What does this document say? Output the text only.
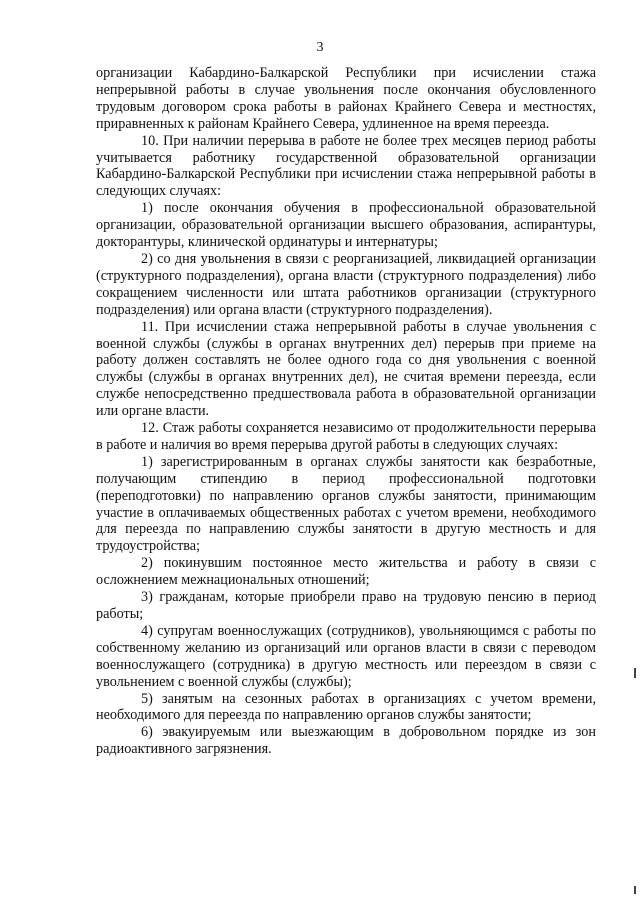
3

организации Кабардино-Балкарской Республики при исчислении стажа непрерывной работы в случае увольнения после окончания обусловленного трудовым договором срока работы в районах Крайнего Севера и местностях, приравненных к районам Крайнего Севера, удлиненное на время переезда.

10. При наличии перерыва в работе не более трех месяцев период работы учитывается работнику государственной образовательной организации Кабардино-Балкарской Республики при исчислении стажа непрерывной работы в следующих случаях:

1) после окончания обучения в профессиональной образовательной организации, образовательной организации высшего образования, аспирантуры, докторантуры, клинической ординатуры и интернатуры;

2) со дня увольнения в связи с реорганизацией, ликвидацией организации (структурного подразделения), органа власти (структурного подразделения) либо сокращением численности или штата работников организации (структурного подразделения) или органа власти (структурного подразделения).

11. При исчислении стажа непрерывной работы в случае увольнения с военной службы (службы в органах внутренних дел) перерыв при приеме на работу должен составлять не более одного года со дня увольнения с военной службы (службы в органах внутренних дел), не считая времени переезда, если службе непосредственно предшествовала работа в образовательной организации или органе власти.

12. Стаж работы сохраняется независимо от продолжительности перерыва в работе и наличия во время перерыва другой работы в следующих случаях:

1) зарегистрированным в органах службы занятости как безработные, получающим стипендию в период профессиональной подготовки (переподготовки) по направлению органов службы занятости, принимающим участие в оплачиваемых общественных работах с учетом времени, необходимого для переезда по направлению службы занятости в другую местность и для трудоустройства;

2) покинувшим постоянное место жительства и работу в связи с осложнением межнациональных отношений;

3) гражданам, которые приобрели право на трудовую пенсию в период работы;

4) супругам военнослужащих (сотрудников), увольняющимся с работы по собственному желанию из организаций или органов власти в связи с переводом военнослужащего (сотрудника) в другую местность или переездом в связи с увольнением с военной службы (службы);

5) занятым на сезонных работах в организациях с учетом времени, необходимого для переезда по направлению органов службы занятости;

6) эвакуируемым или выезжающим в добровольном порядке из зон радиоактивного загрязнения.
